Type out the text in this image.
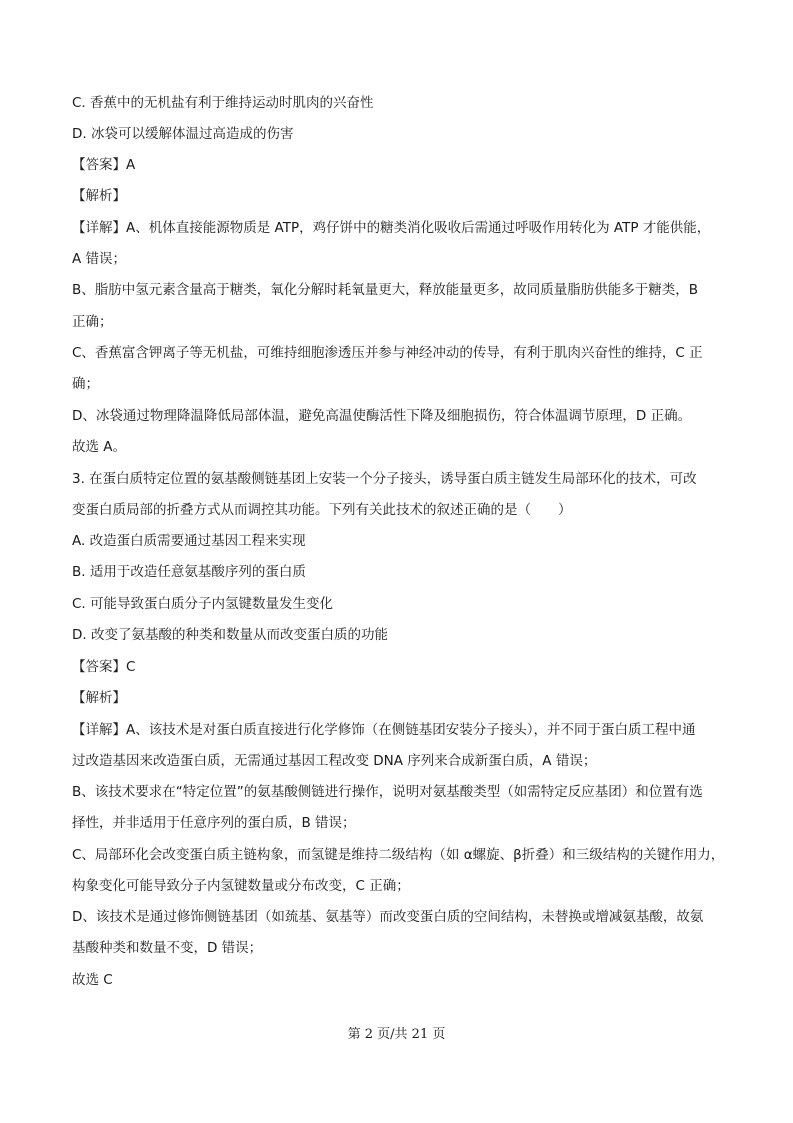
C. 香蕉中的无机盐有利于维持运动时肌肉的兴奋性
D. 冰袋可以缓解体温过高造成的伤害
【答案】A
【解析】
【详解】A、机体直接能源物质是 ATP，鸡仔饼中的糖类消化吸收后需通过呼吸作用转化为 ATP 才能供能，
A 错误；
B、脂肪中氢元素含量高于糖类，氧化分解时耗氧量更大，释放能量更多，故同质量脂肪供能多于糖类，B
正确；
C、香蕉富含钾离子等无机盐，可维持细胞渗透压并参与神经冲动的传导，有利于肌肉兴奋性的维持，C 正
确；
D、冰袋通过物理降温降低局部体温，避免高温使酶活性下降及细胞损伤，符合体温调节原理，D 正确。
故选 A。
3. 在蛋白质特定位置的氨基酸侧链基团上安装一个分子接头，诱导蛋白质主链发生局部环化的技术，可改
变蛋白质局部的折叠方式从而调控其功能。下列有关此技术的叙述正确的是（　　）
A. 改造蛋白质需要通过基因工程来实现
B. 适用于改造任意氨基酸序列的蛋白质
C. 可能导致蛋白质分子内氢键数量发生变化
D. 改变了氨基酸的种类和数量从而改变蛋白质的功能
【答案】C
【解析】
【详解】A、该技术是对蛋白质直接进行化学修饰（在侧链基团安装分子接头），并不同于蛋白质工程中通
过改造基因来改造蛋白质，无需通过基因工程改变 DNA 序列来合成新蛋白质，A 错误；
B、该技术要求在“特定位置”的氨基酸侧链进行操作，说明对氨基酸类型（如需特定反应基团）和位置有选
择性，并非适用于任意序列的蛋白质，B 错误；
C、局部环化会改变蛋白质主链构象，而氢键是维持二级结构（如 α螺旋、β折叠）和三级结构的关键作用力，
构象变化可能导致分子内氢键数量或分布改变，C 正确；
D、该技术是通过修饰侧链基团（如巯基、氨基等）而改变蛋白质的空间结构，未替换或增减氨基酸，故氨
基酸种类和数量不变，D 错误；
故选 C
第 2 页/共 21 页
